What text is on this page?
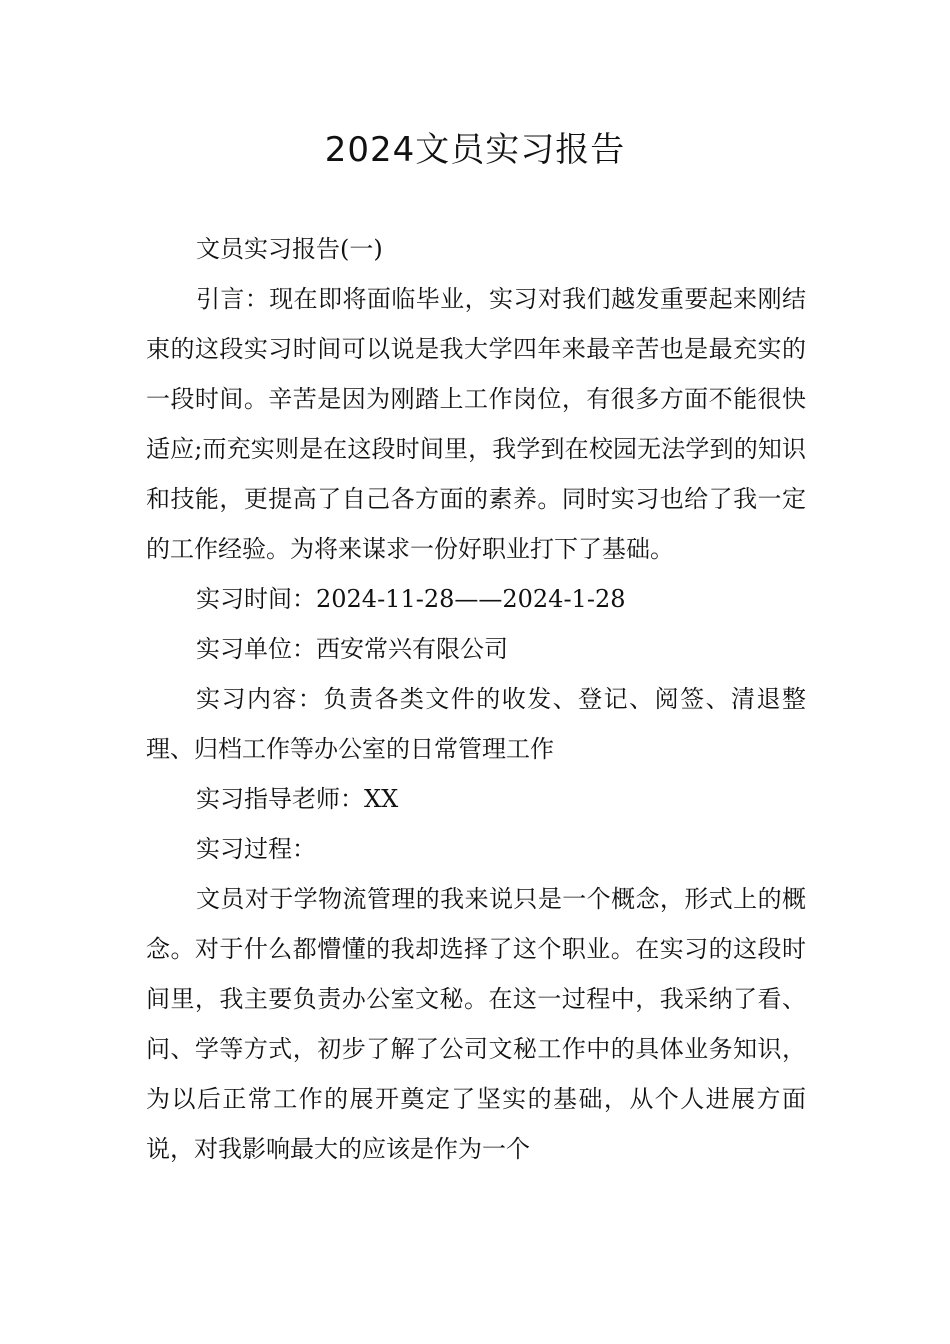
2024文员实习报告

文员实习报告(一)

引言：现在即将面临毕业，实习对我们越发重要起来刚结束的这段实习时间可以说是我大学四年来最辛苦也是最充实的一段时间。辛苦是因为刚踏上工作岗位，有很多方面不能很快适应;而充实则是在这段时间里，我学到在校园无法学到的知识和技能，更提高了自己各方面的素养。同时实习也给了我一定的工作经验。为将来谋求一份好职业打下了基础。

实习时间：2024-11-28——2024-1-28

实习单位：西安常兴有限公司

实习内容：负责各类文件的收发、登记、阅签、清退整理、归档工作等办公室的日常管理工作

实习指导老师：XX

实习过程：

文员对于学物流管理的我来说只是一个概念，形式上的概念。对于什么都懵懂的我却选择了这个职业。在实习的这段时间里，我主要负责办公室文秘。在这一过程中，我采纳了看、问、学等方式，初步了解了公司文秘工作中的具体业务知识，为以后正常工作的展开奠定了坚实的基础，从个人进展方面说，对我影响最大的应该是作为一个
